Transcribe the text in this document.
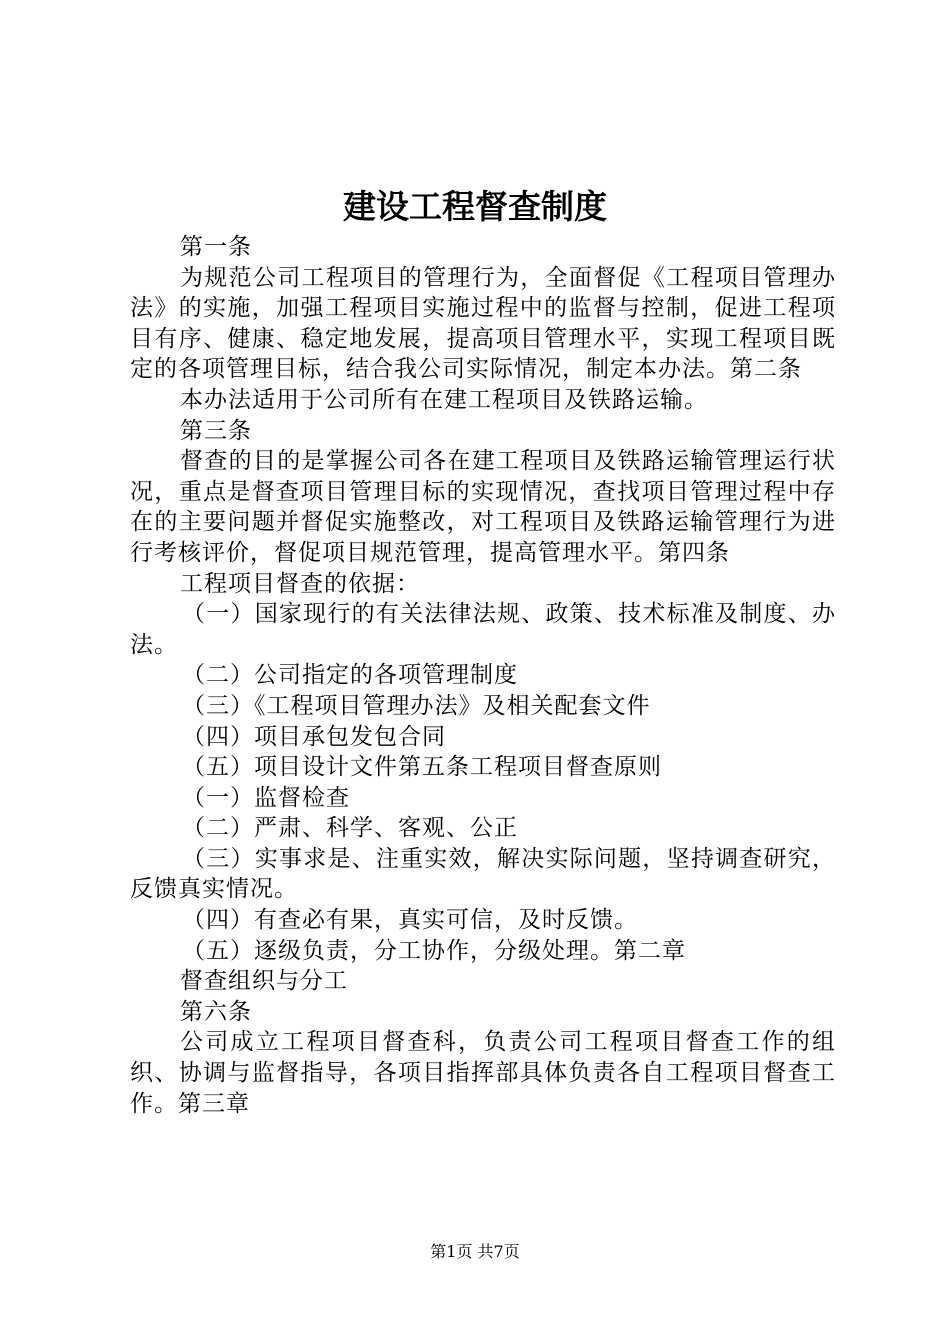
建设工程督查制度

第一条

为规范公司工程项目的管理行为，全面督促《工程项目管理办法》的实施，加强工程项目实施过程中的监督与控制，促进工程项目有序、健康、稳定地发展，提高项目管理水平，实现工程项目既定的各项管理目标，结合我公司实际情况，制定本办法。第二条

本办法适用于公司所有在建工程项目及铁路运输。

第三条

督查的目的是掌握公司各在建工程项目及铁路运输管理运行状况，重点是督查项目管理目标的实现情况，查找项目管理过程中存在的主要问题并督促实施整改，对工程项目及铁路运输管理行为进行考核评价，督促项目规范管理，提高管理水平。第四条

工程项目督查的依据：

（一）国家现行的有关法律法规、政策、技术标准及制度、办法。

（二）公司指定的各项管理制度

（三）《工程项目管理办法》及相关配套文件

（四）项目承包发包合同

（五）项目设计文件第五条工程项目督查原则

（一）监督检查

（二）严肃、科学、客观、公正

（三）实事求是、注重实效，解决实际问题，坚持调查研究，反馈真实情况。

（四）有查必有果，真实可信，及时反馈。

（五）逐级负责，分工协作，分级处理。第二章

督查组织与分工

第六条

公司成立工程项目督查科，负责公司工程项目督查工作的组织、协调与监督指导，各项目指挥部具体负责各自工程项目督查工作。第三章

第1页 共7页
